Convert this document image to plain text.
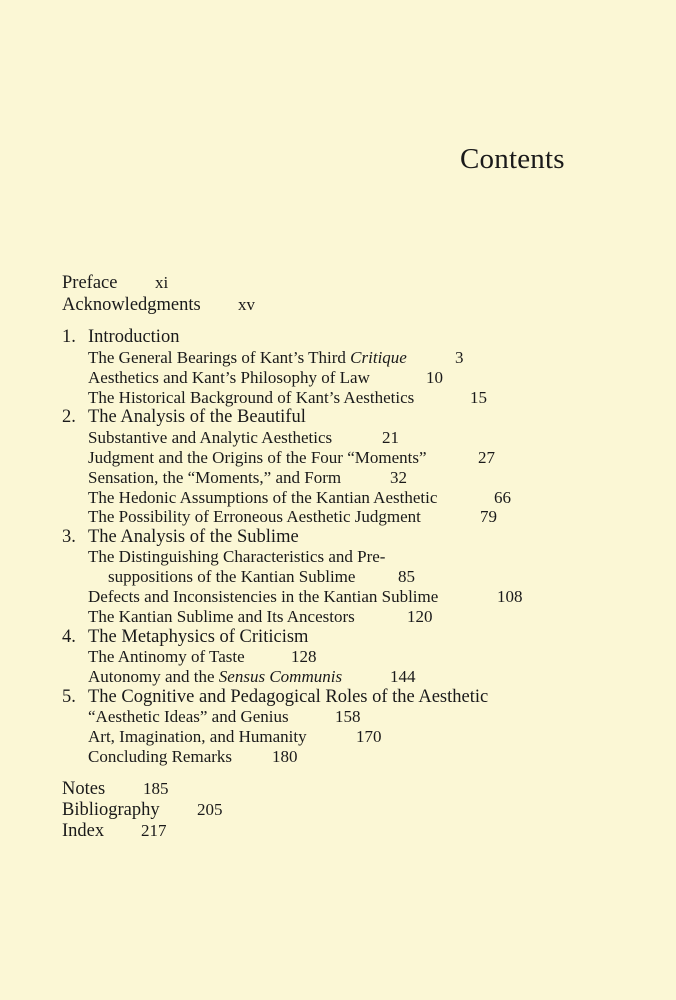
Contents
Preface xi
Acknowledgments xv
1. Introduction
The General Bearings of Kant’s Third Critique	3
Aesthetics and Kant’s Philosophy of Law	10
The Historical Background of Kant’s Aesthetics	15
2. The Analysis of the Beautiful
Substantive and Analytic Aesthetics	21
Judgment and the Origins of the Four “Moments”	27
Sensation, the “Moments,” and Form	32
The Hedonic Assumptions of the Kantian Aesthetic	66
The Possibility of Erroneous Aesthetic Judgment	79
3. The Analysis of the Sublime
The Distinguishing Characteristics and Pre-
suppositions of the Kantian Sublime	85
Defects and Inconsistencies in the Kantian Sublime	108
The Kantian Sublime and Its Ancestors	120
4. The Metaphysics of Criticism
The Antinomy of Taste	128
Autonomy and the Sensus Communis	144
5. The Cognitive and Pedagogical Roles of the Aesthetic
“Aesthetic Ideas” and Genius	158
Art, Imagination, and Humanity	170
Concluding Remarks 180
Notes 185
Bibliography 205
Index 217
